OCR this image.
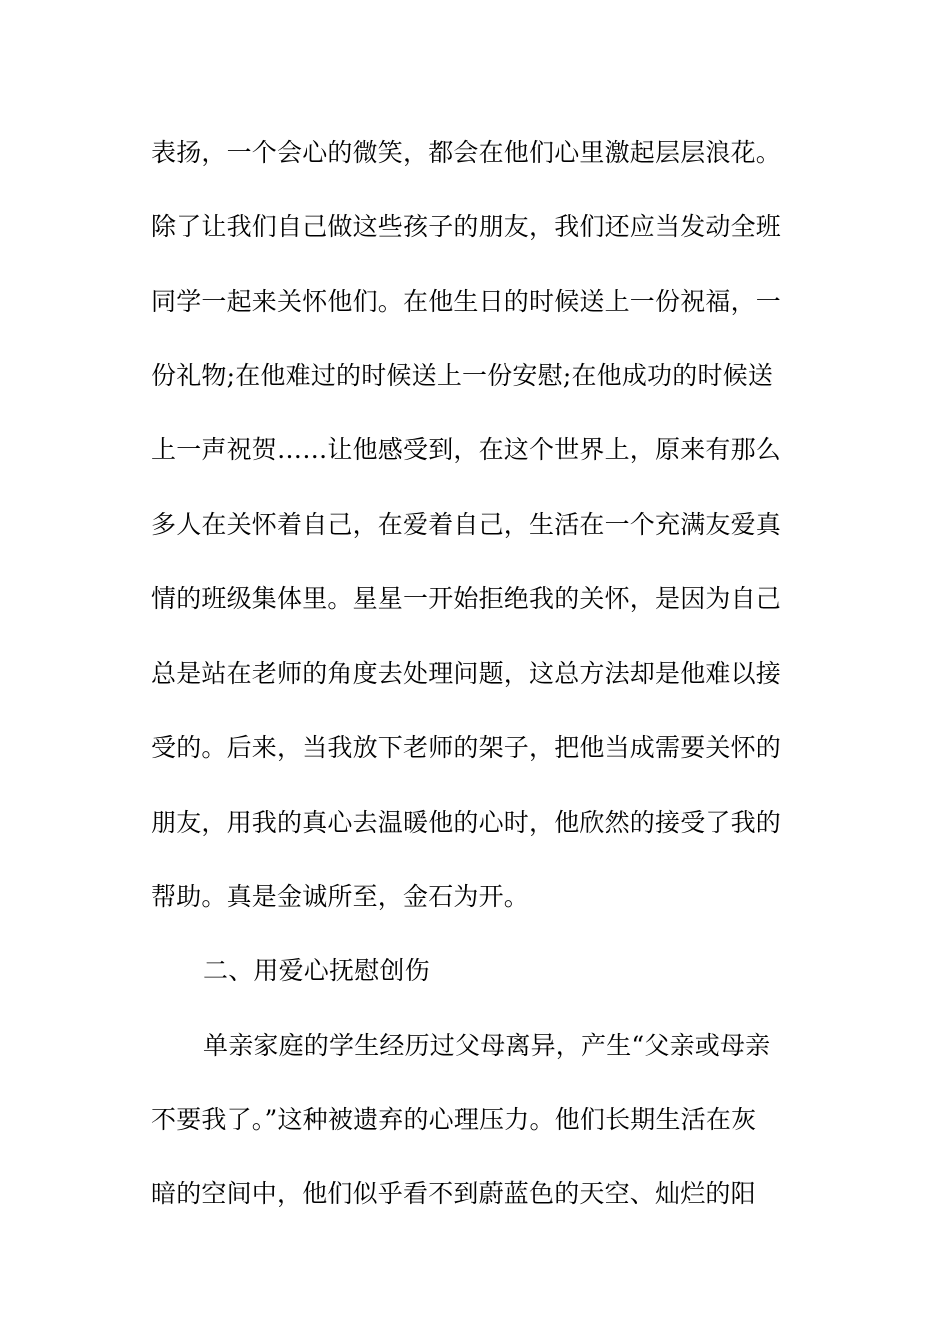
表扬，一个会心的微笑，都会在他们心里激起层层浪花。
除了让我们自己做这些孩子的朋友，我们还应当发动全班
同学一起来关怀他们。在他生日的时候送上一份祝福，一
份礼物;在他难过的时候送上一份安慰;在他成功的时候送
上一声祝贺……让他感受到，在这个世界上，原来有那么
多人在关怀着自己，在爱着自己，生活在一个充满友爱真
情的班级集体里。星星一开始拒绝我的关怀，是因为自己
总是站在老师的角度去处理问题，这总方法却是他难以接
受的。后来，当我放下老师的架子，把他当成需要关怀的
朋友，用我的真心去温暖他的心时，他欣然的接受了我的
帮助。真是金诚所至，金石为开。
二、用爱心抚慰创伤
单亲家庭的学生经历过父母离异，产生“父亲或母亲
不要我了。”这种被遗弃的心理压力。他们长期生活在灰
暗的空间中，他们似乎看不到蔚蓝色的天空、灿烂的阳
